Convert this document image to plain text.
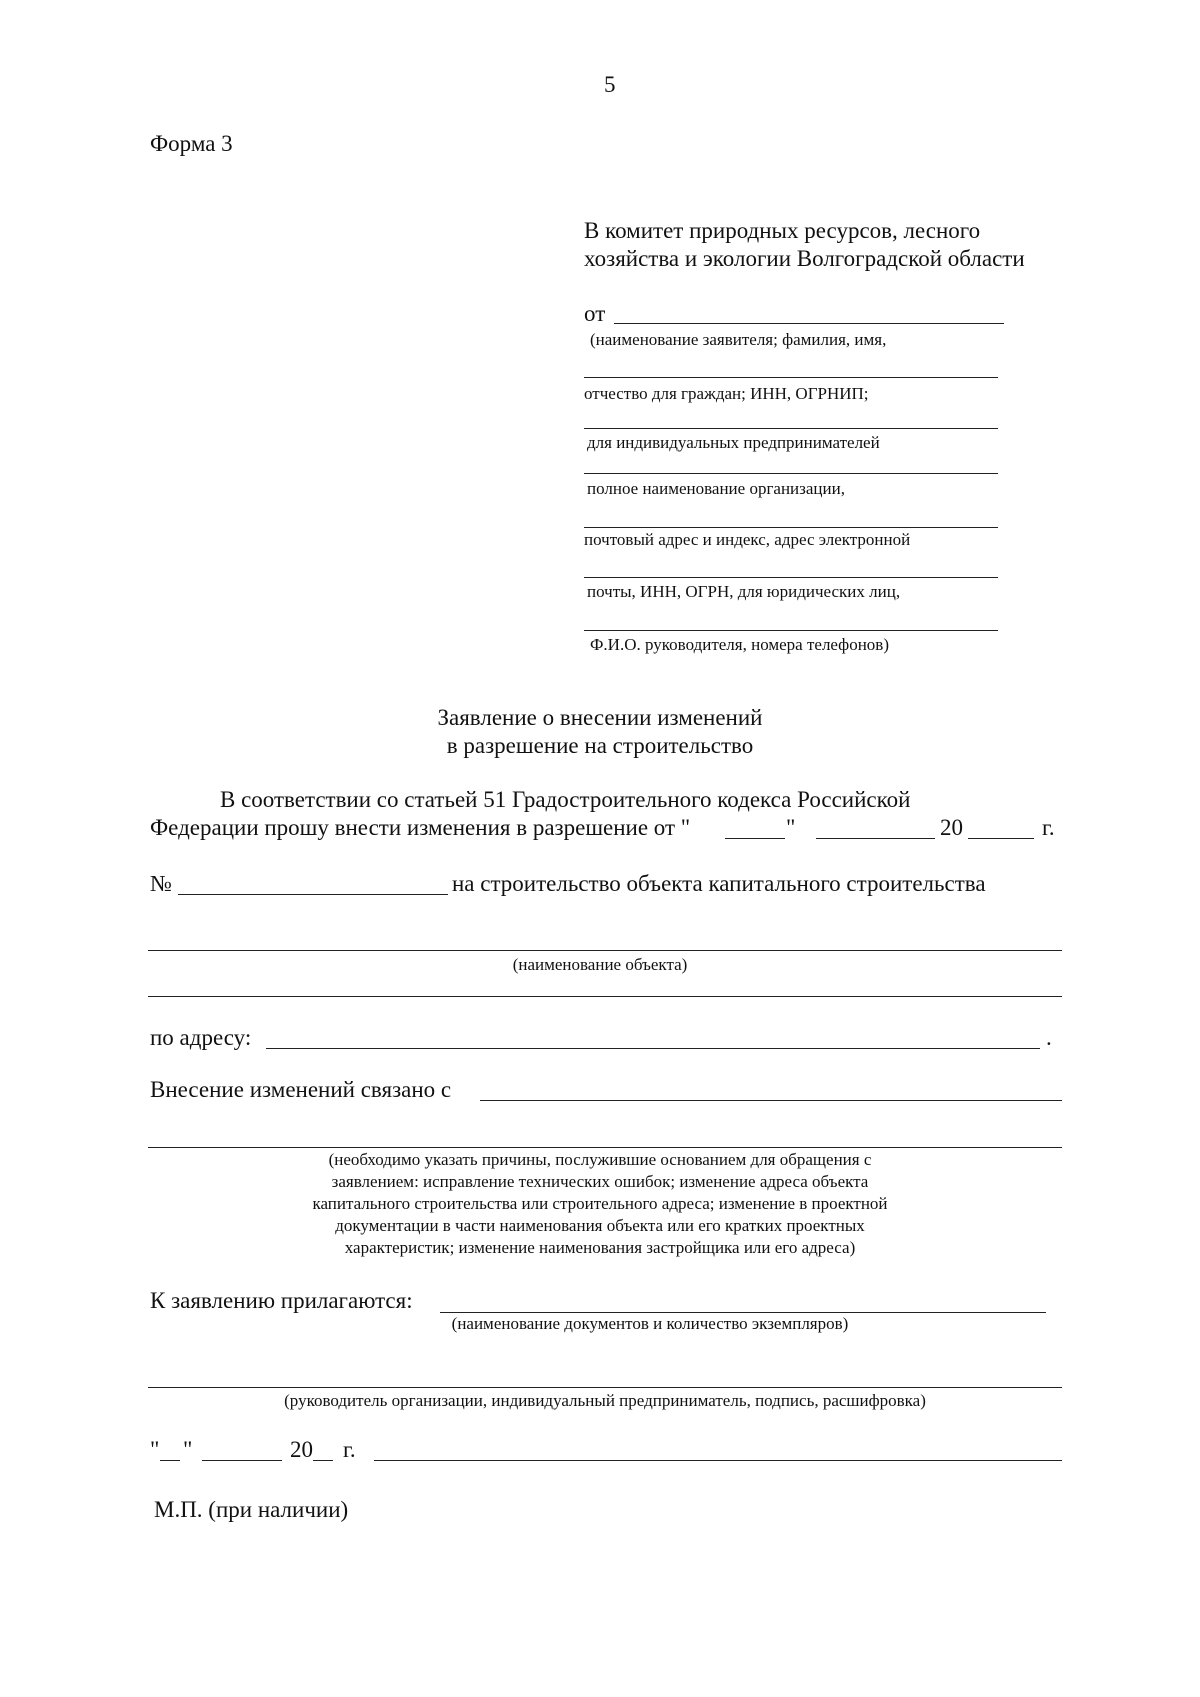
5
Форма 3
В комитет природных ресурсов, лесного
хозяйства и экологии Волгоградской области
от
(наименование заявителя; фамилия, имя,
отчество для граждан; ИНН, ОГРНИП;
для индивидуальных предпринимателей
полное наименование организации,
почтовый адрес и индекс, адрес электронной
почты, ИНН, ОГРН, для юридических лиц,
Ф.И.О. руководителя, номера телефонов)
Заявление о внесении изменений
в разрешение на строительство
В соответствии со статьей 51 Градостроительного кодекса Российской
Федерации прошу внести изменения в разрешение от "	"	20	г.
№	на строительство объекта капитального строительства
(наименование объекта)
по адресу:	.
Внесение изменений связано с
(необходимо указать причины, послужившие основанием для обращения с
заявлением: исправление технических ошибок; изменение адреса объекта
капитального строительства или строительного адреса; изменение в проектной
документации в части наименования объекта или его кратких проектных
характеристик; изменение наименования застройщика или его адреса)
К заявлению прилагаются:
(наименование документов и количество экземпляров)
(руководитель организации, индивидуальный предприниматель, подпись, расшифровка)
" "	20 г.
М.П. (при наличии)
